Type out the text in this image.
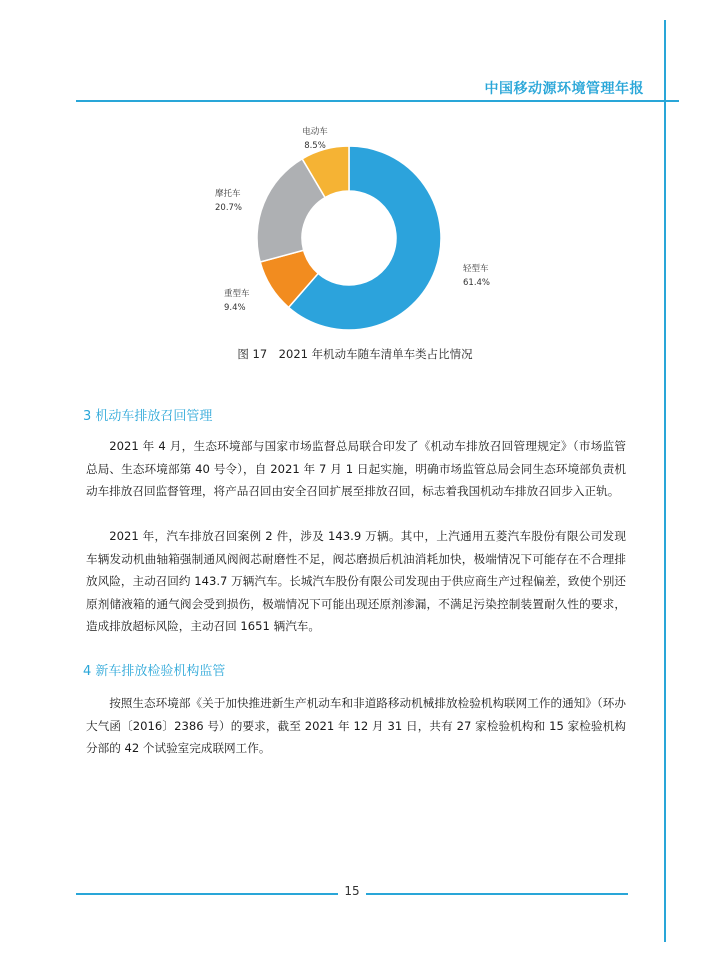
中国移动源环境管理年报
轻型车
61.4%
重型车
9.4%
摩托车
20.7%
电动车
8.5%
图 17　2021 年机动车随车清单车类占比情况
3 机动车排放召回管理
2021 年 4 月，生态环境部与国家市场监督总局联合印发了《机动车排放召回管理规定》（市场监管总局、生态环境部第 40 号令），自 2021 年 7 月 1 日起实施，明确市场监管总局会同生态环境部负责机动车排放召回监督管理，将产品召回由安全召回扩展至排放召回，标志着我国机动车排放召回步入正轨。
2021 年，汽车排放召回案例 2 件，涉及 143.9 万辆。其中，上汽通用五菱汽车股份有限公司发现车辆发动机曲轴箱强制通风阀阀芯耐磨性不足，阀芯磨损后机油消耗加快，极端情况下可能存在不合理排放风险，主动召回约 143.7 万辆汽车。长城汽车股份有限公司发现由于供应商生产过程偏差，致使个别还原剂储液箱的通气阀会受到损伤，极端情况下可能出现还原剂渗漏，不满足污染控制装置耐久性的要求，造成排放超标风险，主动召回 1651 辆汽车。
4 新车排放检验机构监管
按照生态环境部《关于加快推进新生产机动车和非道路移动机械排放检验机构联网工作的通知》（环办大气函〔2016〕2386 号）的要求，截至 2021 年 12 月 31 日，共有 27 家检验机构和 15 家检验机构分部的 42 个试验室完成联网工作。
15
